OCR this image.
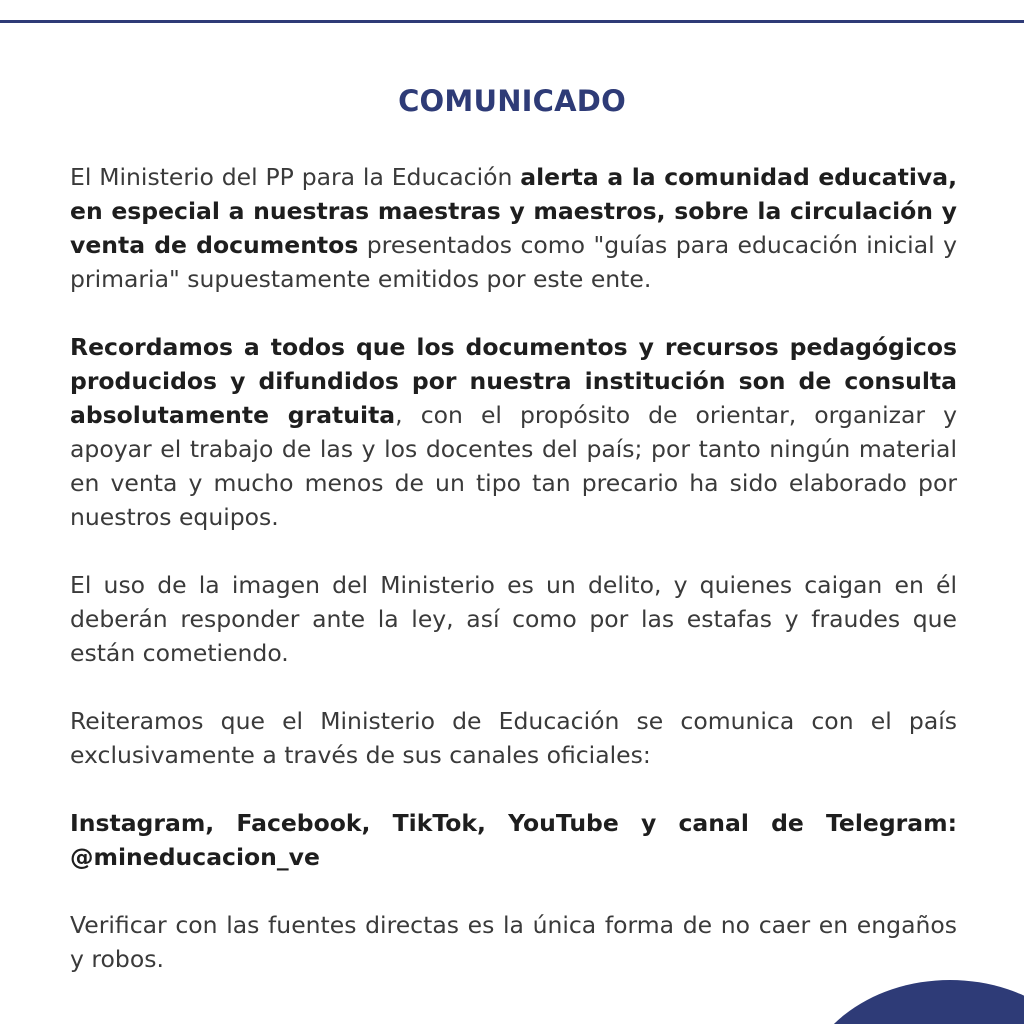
COMUNICADO

El Ministerio del PP para la Educación alerta a la comunidad educativa, en especial a nuestras maestras y maestros, sobre la circulación y venta de documentos presentados como "guías para educación inicial y primaria" supuestamente emitidos por este ente.

Recordamos a todos que los documentos y recursos pedagógicos producidos y difundidos por nuestra institución son de consulta absolutamente gratuita, con el propósito de orientar, organizar y apoyar el trabajo de las y los docentes del país; por tanto ningún material en venta y mucho menos de un tipo tan precario ha sido elaborado por nuestros equipos.

El uso de la imagen del Ministerio es un delito, y quienes caigan en él deberán responder ante la ley, así como por las estafas y fraudes que están cometiendo.

Reiteramos que el Ministerio de Educación se comunica con el país exclusivamente a través de sus canales oficiales:

Instagram, Facebook, TikTok, YouTube y canal de Telegram: @mineducacion_ve

Verificar con las fuentes directas es la única forma de no caer en engaños y robos.
